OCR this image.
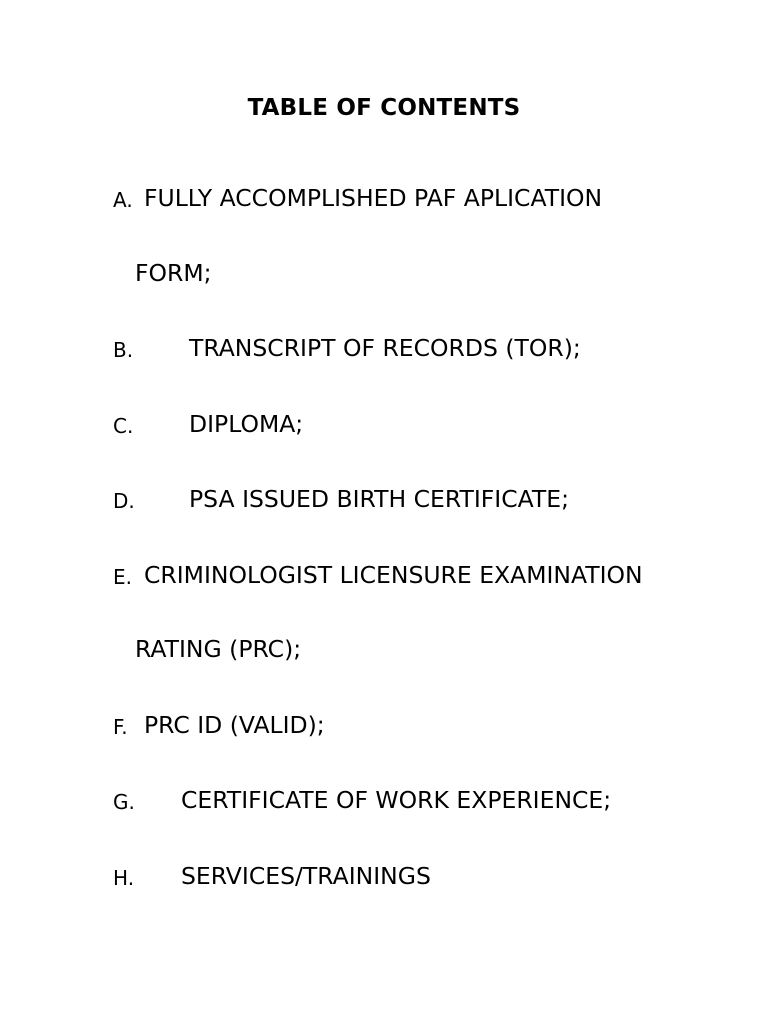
TABLE OF CONTENTS
A. FULLY ACCOMPLISHED PAF APLICATION
FORM;
B. TRANSCRIPT OF RECORDS (TOR);
C. DIPLOMA;
D. PSA ISSUED BIRTH CERTIFICATE;
E. CRIMINOLOGIST LICENSURE EXAMINATION
RATING (PRC);
F. PRC ID (VALID);
G. CERTIFICATE OF WORK EXPERIENCE;
H. SERVICES/TRAININGS
